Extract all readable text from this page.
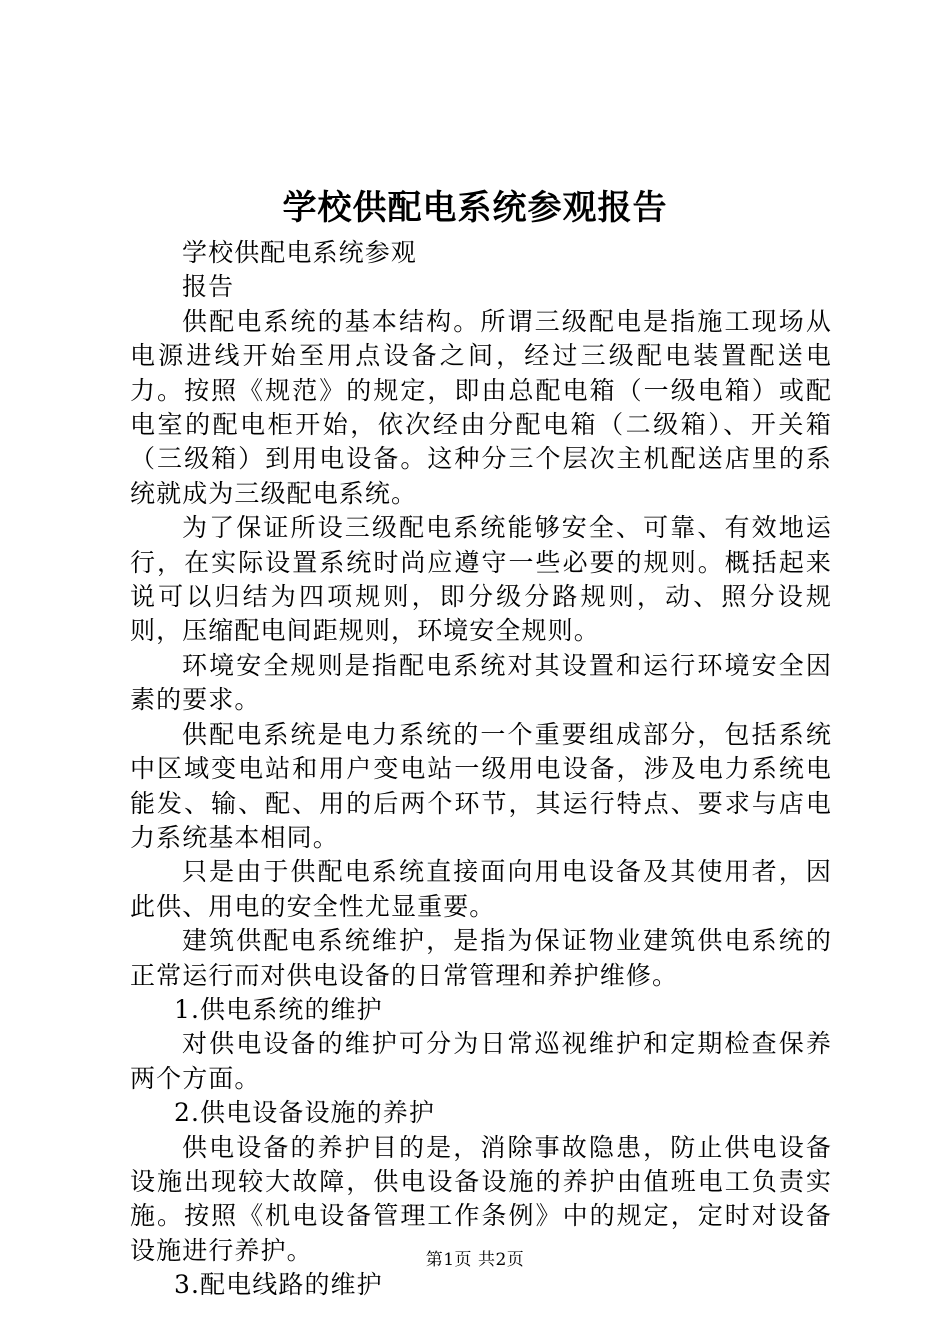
学校供配电系统参观报告

学校供配电系统参观

报告

供配电系统的基本结构。所谓三级配电是指施工现场从电源进线开始至用点设备之间，经过三级配电装置配送电力。按照《规范》的规定，即由总配电箱（一级电箱）或配电室的配电柜开始，依次经由分配电箱（二级箱）、开关箱（三级箱）到用电设备。这种分三个层次主机配送店里的系统就成为三级配电系统。

为了保证所设三级配电系统能够安全、可靠、有效地运行，在实际设置系统时尚应遵守一些必要的规则。概括起来说可以归结为四项规则，即分级分路规则，动、照分设规则，压缩配电间距规则，环境安全规则。

环境安全规则是指配电系统对其设置和运行环境安全因素的要求。

供配电系统是电力系统的一个重要组成部分，包括系统中区域变电站和用户变电站一级用电设备，涉及电力系统电能发、输、配、用的后两个环节，其运行特点、要求与店电力系统基本相同。

只是由于供配电系统直接面向用电设备及其使用者，因此供、用电的安全性尤显重要。

建筑供配电系统维护，是指为保证物业建筑供电系统的正常运行而对供电设备的日常管理和养护维修。

1.供电系统的维护

对供电设备的维护可分为日常巡视维护和定期检查保养两个方面。

2.供电设备设施的养护

供电设备的养护目的是，消除事故隐患，防止供电设备设施出现较大故障，供电设备设施的养护由值班电工负责实施。按照《机电设备管理工作条例》中的规定，定时对设备设施进行养护。

3.配电线路的维护

第1页 共2页
